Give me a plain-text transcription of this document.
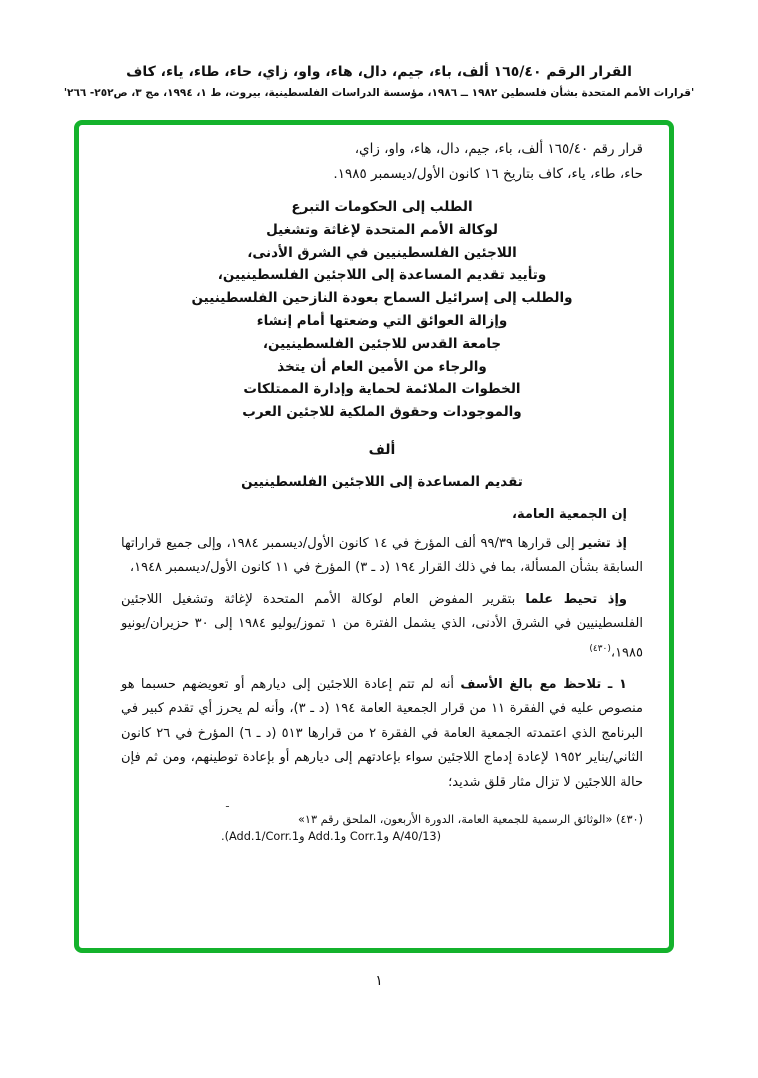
القرار الرقم ١٦٥/٤٠ ألف، باء، جيم، دال، هاء، واو، زاي، حاء، طاء، ياء، كاف
'قرارات الأمم المتحدة بشأن فلسطين ١٩٨٢ ــ ١٩٨٦، مؤسسة الدراسات الفلسطينية، بيروت، ط ١، ١٩٩٤، مج ٣، ص٢٥٢- ٢٦٦'
قرار رقم ١٦٥/٤٠ ألف، باء، جيم، دال، هاء، واو، زاي،
حاء، طاء، ياء، كاف بتاريخ ١٦ كانون الأول/ديسمبر ١٩٨٥.
الطلب إلى الحكومات التبرع
لوكالة الأمم المتحدة لإغاثة وتشغيل
اللاجئين الفلسطينيين في الشرق الأدنى،
وتأييد تقديم المساعدة إلى اللاجئين الفلسطينيين،
والطلب إلى إسرائيل السماح بعودة النازحين الفلسطينيين
وإزالة العوائق التي وضعتها أمام إنشاء
جامعة القدس للاجئين الفلسطينيين،
والرجاء من الأمين العام أن يتخذ
الخطوات الملائمة لحماية وإدارة الممتلكات
والموجودات وحقوق الملكية للاجئين العرب
ألف
تقديم المساعدة إلى اللاجئين الفلسطينيين
إن الجمعية العامة،

إذ تشير إلى قرارها ٩٩/٣٩ ألف المؤرخ في ١٤ كانون الأول/ديسمبر ١٩٨٤، وإلى جميع قراراتها السابقة بشأن المسألة، بما في ذلك القرار ١٩٤ (د ـ ٣) المؤرخ في ١١ كانون الأول/ديسمبر ١٩٤٨،

وإذ تحيط علما بتقرير المفوض العام لوكالة الأمم المتحدة لإغاثة وتشغيل اللاجئين الفلسطينيين في الشرق الأدنى، الذي يشمل الفترة من ١ تموز/يوليو ١٩٨٤ إلى ٣٠ حزيران/يونيو ١٩٨٥،$^{(٤٣٠)}$

١ ـ تلاحظ مع بالغ الأسف أنه لم تتم إعادة اللاجئين إلى ديارهم أو تعويضهم حسبما هو منصوص عليه في الفقرة ١١ من قرار الجمعية العامة ١٩٤ (د ـ ٣)، وأنه لم يحرز أي تقدم كبير في البرنامج الذي اعتمدته الجمعية العامة في الفقرة ٢ من قرارها ٥١٣ (د ـ ٦) المؤرخ في ٢٦ كانون الثاني/يناير ١٩٥٢ لإعادة إدماج اللاجئين سواء بإعادتهم إلى ديارهم أو بإعادة توطينهم، ومن ثم فإن حالة اللاجئين لا تزال مثار قلق شديد؛

ـ
(٤٣٠) «الوثائق الرسمية للجمعية العامة، الدورة الأربعون، الملحق رقم ١٣»
(A/40/13 وCorr.1 وAdd.1 وAdd.1/Corr.1).
١
